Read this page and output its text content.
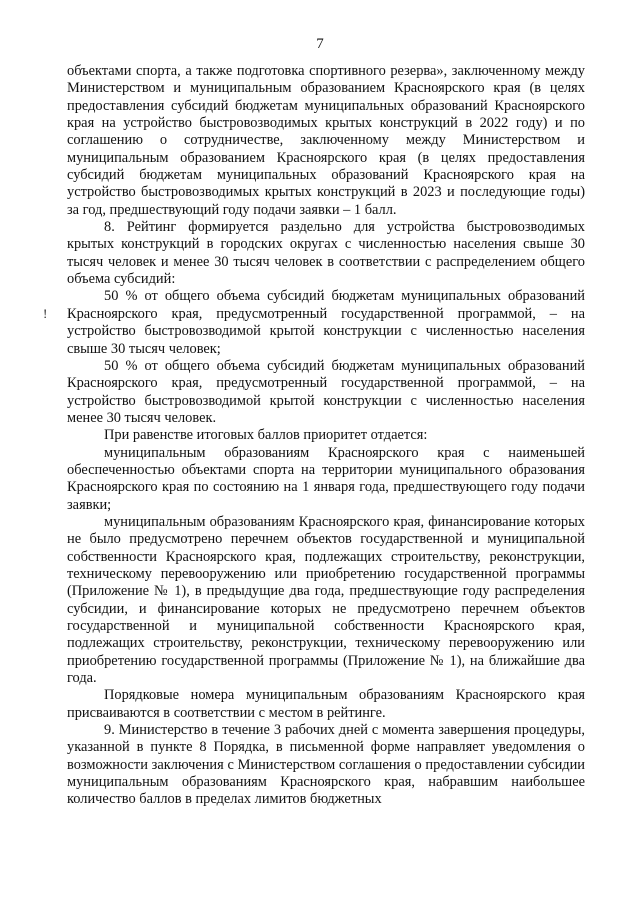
7
!

объектами спорта, а также подготовка спортивного резерва», заключенному между Министерством и муниципальным образованием Красноярского края (в целях предоставления субсидий бюджетам муниципальных образований Красноярского края на устройство быстровозводимых крытых конструкций в 2022 году) и по соглашению о сотрудничестве, заключенному между Министерством и муниципальным образованием Красноярского края (в целях предоставления субсидий бюджетам муниципальных образований Красноярского края на устройство быстровозводимых крытых конструкций в 2023 и последующие годы) за год, предшествующий году подачи заявки – 1 балл.

8. Рейтинг формируется раздельно для устройства быстровозводимых крытых конструкций в городских округах с численностью населения свыше 30 тысяч человек и менее 30 тысяч человек в соответствии с распределением общего объема субсидий:

50 % от общего объема субсидий бюджетам муниципальных образований Красноярского края, предусмотренный государственной программой, – на устройство быстровозводимой крытой конструкции с численностью населения свыше 30 тысяч человек;

50 % от общего объема субсидий бюджетам муниципальных образований Красноярского края, предусмотренный государственной программой, – на устройство быстровозводимой крытой конструкции с численностью населения менее 30 тысяч человек.

При равенстве итоговых баллов приоритет отдается:

муниципальным образованиям Красноярского края с наименьшей обеспеченностью объектами спорта на территории муниципального образования Красноярского края по состоянию на 1 января года, предшествующего году подачи заявки;

муниципальным образованиям Красноярского края, финансирование которых не было предусмотрено перечнем объектов государственной и муниципальной собственности Красноярского края, подлежащих строительству, реконструкции, техническому перевооружению или приобретению государственной программы (Приложение № 1), в предыдущие два года, предшествующие году распределения субсидии, и финансирование которых не предусмотрено перечнем объектов государственной и муниципальной собственности Красноярского края, подлежащих строительству, реконструкции, техническому перевооружению или приобретению государственной программы (Приложение № 1), на ближайшие два года.

Порядковые номера муниципальным образованиям Красноярского края присваиваются в соответствии с местом в рейтинге.

9. Министерство в течение 3 рабочих дней с момента завершения процедуры, указанной в пункте 8 Порядка, в письменной форме направляет уведомления о возможности заключения с Министерством соглашения о предоставлении субсидии муниципальным образованиям Красноярского края, набравшим наибольшее количество баллов в пределах лимитов бюджетных
